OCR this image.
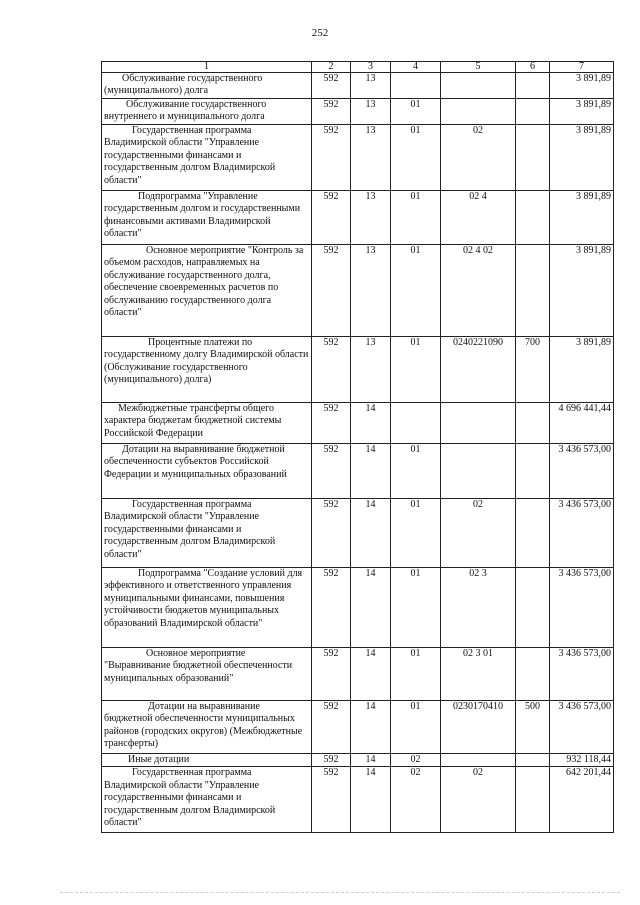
252
1	2	3	4	5	6	7
Обслуживание государственного (муниципального) долга	592	13				3 891,89
Обслуживание государственного внутреннего и муниципального долга	592	13	01			3 891,89
Государственная программа Владимирской области "Управление государственными финансами и государственным долгом Владимирской области"	592	13	01	02		3 891,89
Подпрограмма "Управление государственным долгом и государственными финансовыми активами Владимирской области"	592	13	01	02 4		3 891,89
Основное мероприятие "Контроль за объемом расходов, направляемых на обслуживание государственного долга, обеспечение своевременных расчетов по обслуживанию государственного долга области"	592	13	01	02 4 02		3 891,89
Процентные платежи по государственному долгу Владимирской области (Обслуживание государственного (муниципального) долга)	592	13	01	0240221090	700	3 891,89
Межбюджетные трансферты общего характера бюджетам бюджетной системы Российской Федерации	592	14				4 696 441,44
Дотации на выравнивание бюджетной обеспеченности субъектов Российской Федерации и муниципальных образований	592	14	01			3 436 573,00
Государственная программа Владимирской области "Управление государственными финансами и государственным долгом Владимирской области"	592	14	01	02		3 436 573,00
Подпрограмма "Создание условий для эффективного и ответственного управления муниципальными финансами, повышения устойчивости бюджетов муниципальных образований Владимирской области"	592	14	01	02 3		3 436 573,00
Основное мероприятие "Выравнивание бюджетной обеспеченности муниципальных образований"	592	14	01	02 3 01		3 436 573,00
Дотации на выравнивание бюджетной обеспеченности муниципальных районов (городских округов) (Межбюджетные трансферты)	592	14	01	0230170410	500	3 436 573,00
Иные дотации	592	14	02			932 118,44
Государственная программа Владимирской области "Управление государственными финансами и государственным долгом Владимирской области"	592	14	02	02		642 201,44
